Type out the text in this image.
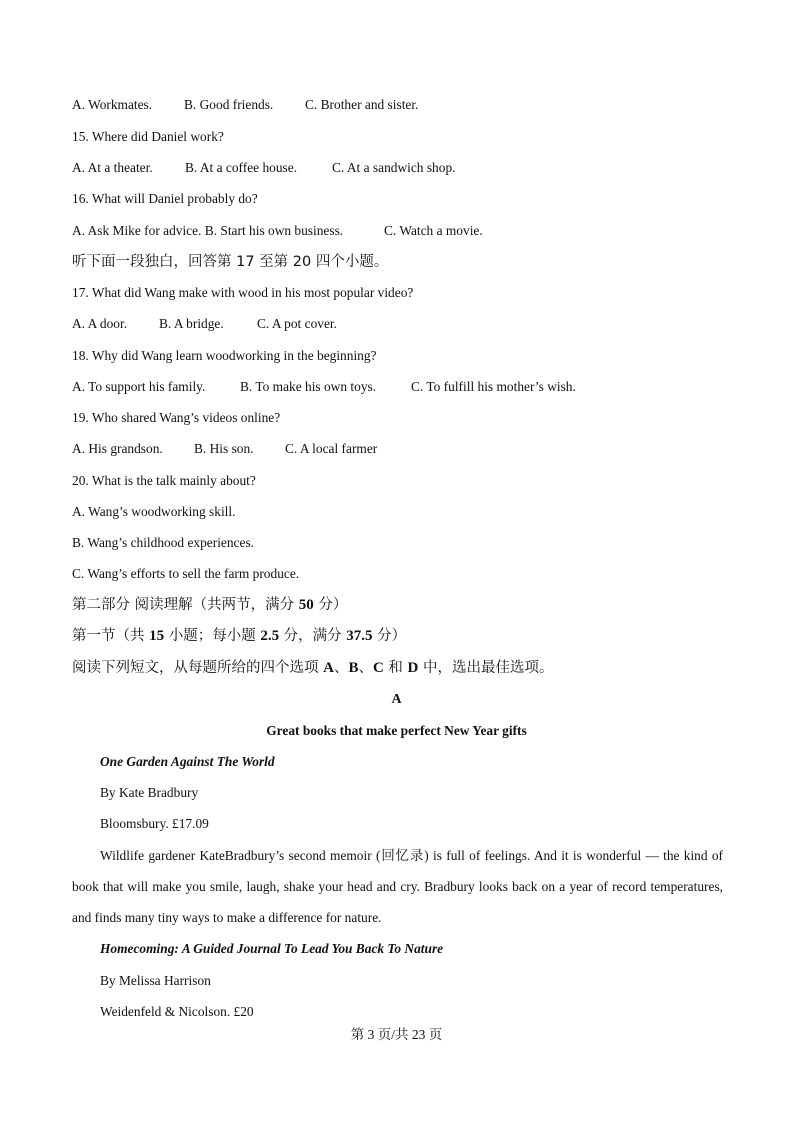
A. Workmates. B. Good friends. C. Brother and sister.
15. Where did Daniel work?
A. At a theater. B. At a coffee house.	C. At a sandwich shop.
16. What will Daniel probably do?
A. Ask Mike for advice. B. Start his own business.	C. Watch a movie.
听下面一段独白，回答第 17 至第 20 四个小题。
17. What did Wang make with wood in his most popular video?
A. A door. B. A bridge. C. A pot cover.
18. Why did Wang learn woodworking in the beginning?
A. To support his family.	B. To make his own toys.	C. To fulfill his mother’s wish.
19. Who shared Wang’s videos online?
A. His grandson. B. His son. C. A local farmer
20. What is the talk mainly about?
A. Wang’s woodworking skill.
B. Wang’s childhood experiences.
C. Wang’s efforts to sell the farm produce.
第二部分 阅读理解（共两节，满分 50 分）
第一节（共 15 小题；每小题 2.5 分，满分 37.5 分）
阅读下列短文，从每题所给的四个选项 A、B、C 和 D 中，选出最佳选项。
A
Great books that make perfect New Year gifts
One Garden Against The World
By Kate Bradbury
Bloomsbury. £17.09
Wildlife gardener KateBradbury’s second memoir (回忆录) is full of feelings. And it is wonderful — the kind of book that will make you smile, laugh, shake your head and cry. Bradbury looks back on a year of record temperatures, and finds many tiny ways to make a difference for nature.
Homecoming: A Guided Journal To Lead You Back To Nature
By Melissa Harrison
Weidenfeld & Nicolson. £20
第 3 页/共 23 页
